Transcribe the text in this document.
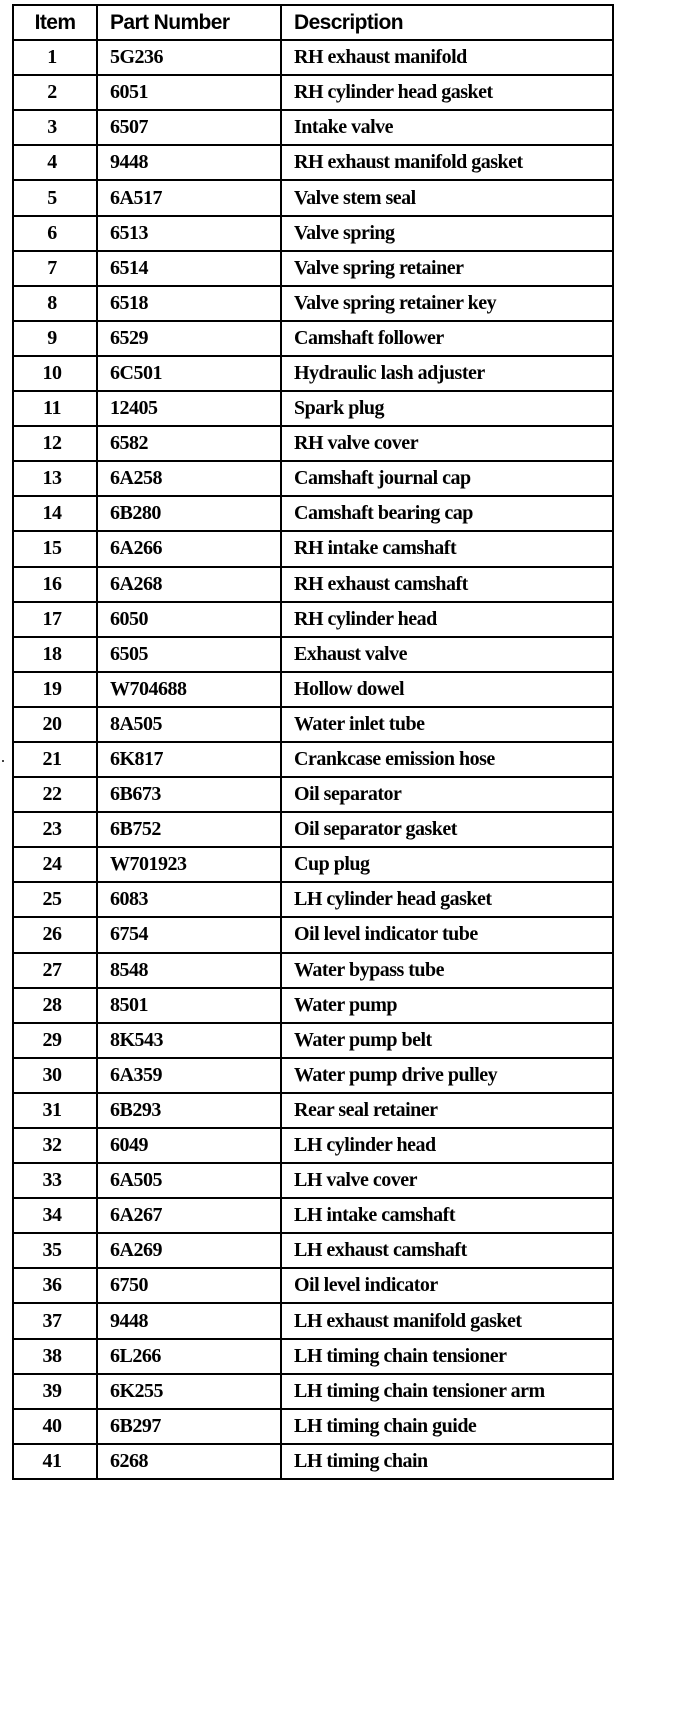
Item	Part Number	Description
1	5G236	RH exhaust manifold
2	6051	RH cylinder head gasket
3	6507	Intake valve
4	9448	RH exhaust manifold gasket
5	6A517	Valve stem seal
6	6513	Valve spring
7	6514	Valve spring retainer
8	6518	Valve spring retainer key
9	6529	Camshaft follower
10	6C501	Hydraulic lash adjuster
11	12405	Spark plug
12	6582	RH valve cover
13	6A258	Camshaft journal cap
14	6B280	Camshaft bearing cap
15	6A266	RH intake camshaft
16	6A268	RH exhaust camshaft
17	6050	RH cylinder head
18	6505	Exhaust valve
19	W704688	Hollow dowel
20	8A505	Water inlet tube
21	6K817	Crankcase emission hose
22	6B673	Oil separator
23	6B752	Oil separator gasket
24	W701923	Cup plug
25	6083	LH cylinder head gasket
26	6754	Oil level indicator tube
27	8548	Water bypass tube
28	8501	Water pump
29	8K543	Water pump belt
30	6A359	Water pump drive pulley
31	6B293	Rear seal retainer
32	6049	LH cylinder head
33	6A505	LH valve cover
34	6A267	LH intake camshaft
35	6A269	LH exhaust camshaft
36	6750	Oil level indicator
37	9448	LH exhaust manifold gasket
38	6L266	LH timing chain tensioner
39	6K255	LH timing chain tensioner arm
40	6B297	LH timing chain guide
41	6268	LH timing chain
